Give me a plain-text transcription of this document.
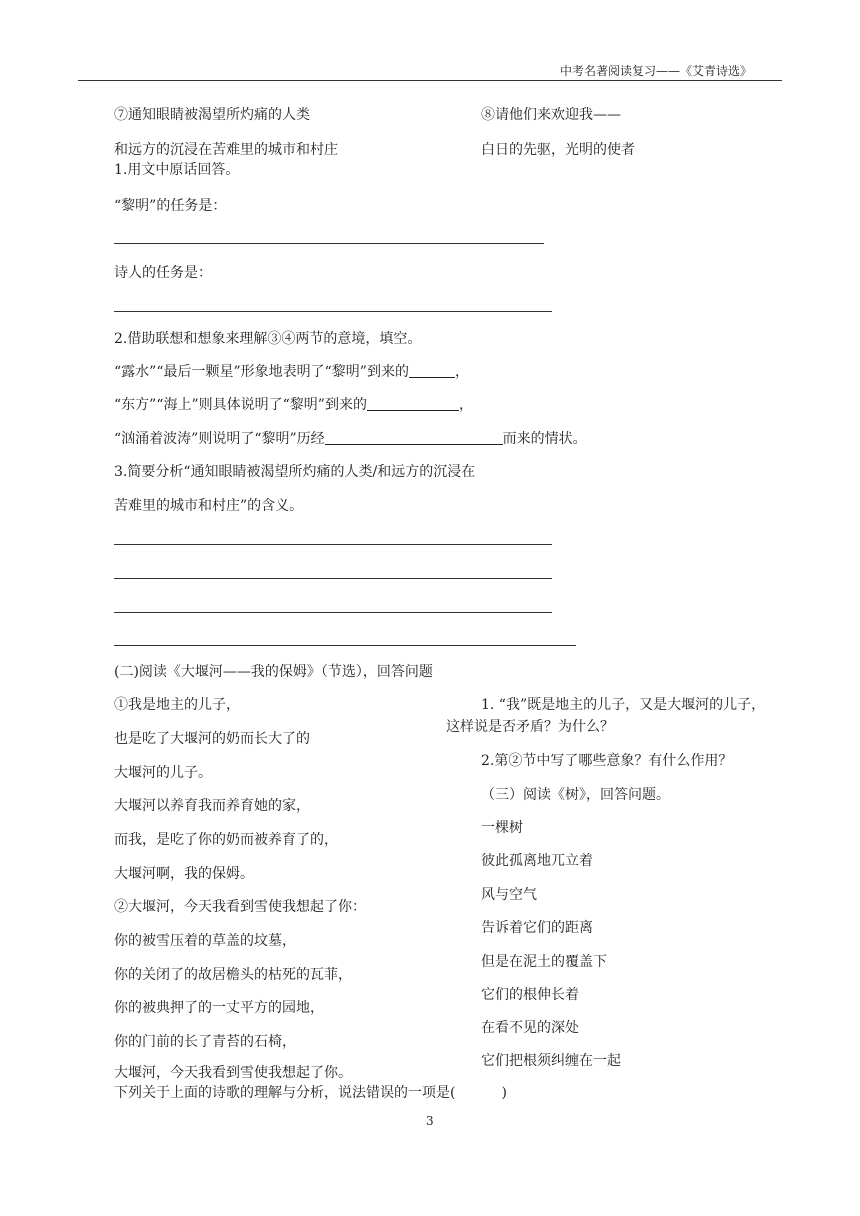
中考名著阅读复习——《艾青诗选》
⑦通知眼睛被渴望所灼痛的人类
和远方的沉浸在苦难里的城市和村庄
⑧请他们来欢迎我——
白日的先驱，光明的使者
1.用文中原话回答。
“黎明”的任务是：
诗人的任务是：
2.借助联想和想象来理解③④两节的意境，填空。
“露水”“最后一颗星”形象地表明了“黎明”到来的	，
“东方”“海上”则具体说明了“黎明”到来的	，
“汹涌着波涛”则说明了“黎明”历经	而来的情状。
3.简要分析“通知眼睛被渴望所灼痛的人类/和远方的沉浸在
苦难里的城市和村庄”的含义。
(二)阅读《大堰河——我的保姆》（节选），回答问题
①我是地主的儿子，
也是吃了大堰河的奶而长大了的
大堰河的儿子。
大堰河以养育我而养育她的家，
而我，是吃了你的奶而被养育了的，
大堰河啊，我的保姆。
②大堰河，今天我看到雪使我想起了你：
你的被雪压着的草盖的坟墓，
你的关闭了的故居檐头的枯死的瓦菲，
你的被典押了的一丈平方的园地，
你的门前的长了青苔的石椅，
大堰河，今天我看到雪使我想起了你。
1. “我”既是地主的儿子，又是大堰河的儿子，
这样说是否矛盾？为什么？
2.第②节中写了哪些意象？有什么作用？
（三）阅读《树》，回答问题。
一棵树
彼此孤离地兀立着
风与空气
告诉着它们的距离
但是在泥土的覆盖下
它们的根伸长着
在看不见的深处
它们把根须纠缠在一起
下列关于上面的诗歌的理解与分析，说法错误的一项是(	)
3
